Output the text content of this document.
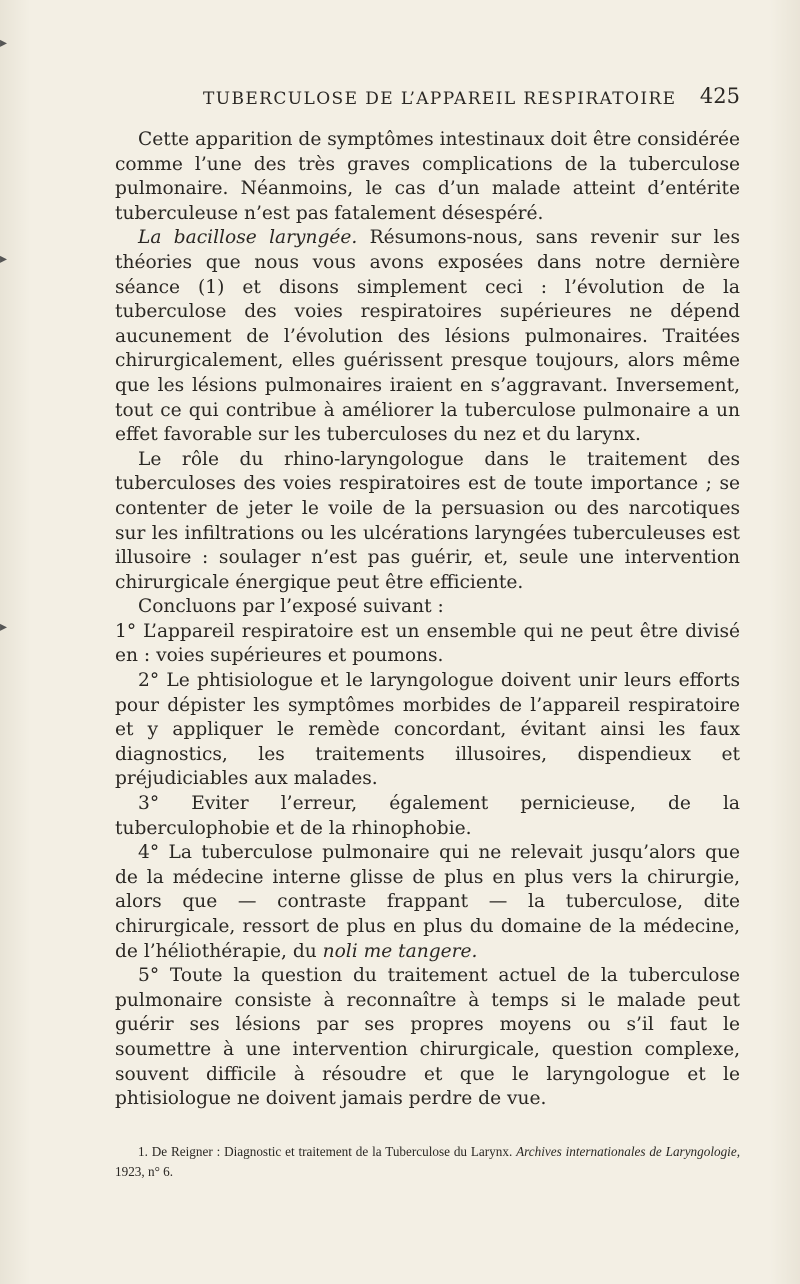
▸
▸
▸
TUBERCULOSE DE L’APPAREIL RESPIRATOIRE 425

Cette apparition de symptômes intestinaux doit être considérée comme l’une des très graves complications de la tuberculose pulmonaire. Néanmoins, le cas d’un malade atteint d’entérite tuberculeuse n’est pas fatalement désespéré.

La bacillose laryngée. Résumons-nous, sans revenir sur les théories que nous vous avons exposées dans notre dernière séance (1) et disons simplement ceci : l’évolution de la tuberculose des voies respiratoires supérieures ne dépend aucunement de l’évolution des lésions pulmonaires. Traitées chirurgicalement, elles guérissent presque toujours, alors même que les lésions pulmonaires iraient en s’aggravant. Inversement, tout ce qui contribue à améliorer la tuberculose pulmonaire a un effet favorable sur les tuberculoses du nez et du larynx.

Le rôle du rhino-laryngologue dans le traitement des tuberculoses des voies respiratoires est de toute importance ; se contenter de jeter le voile de la persuasion ou des narcotiques sur les infiltrations ou les ulcérations laryngées tuberculeuses est illusoire : soulager n’est pas guérir, et, seule une intervention chirurgicale énergique peut être efficiente.

Concluons par l’exposé suivant :

1° L’appareil respiratoire est un ensemble qui ne peut être divisé en : voies supérieures et poumons.

2° Le phtisiologue et le laryngologue doivent unir leurs efforts pour dépister les symptômes morbides de l’appareil respiratoire et y appliquer le remède concordant, évitant ainsi les faux diagnostics, les traitements illusoires, dispendieux et préjudiciables aux malades.

3° Eviter l’erreur, également pernicieuse, de la tuberculophobie et de la rhinophobie.

4° La tuberculose pulmonaire qui ne relevait jusqu’alors que de la médecine interne glisse de plus en plus vers la chirurgie, alors que — contraste frappant — la tuberculose, dite chirurgicale, ressort de plus en plus du domaine de la médecine, de l’héliothérapie, du noli me tangere.

5° Toute la question du traitement actuel de la tuberculose pulmonaire consiste à reconnaître à temps si le malade peut guérir ses lésions par ses propres moyens ou s’il faut le soumettre à une intervention chirurgicale, question complexe, souvent difficile à résoudre et que le laryngologue et le phtisiologue ne doivent jamais perdre de vue.

1. De Reigner : Diagnostic et traitement de la Tuberculose du Larynx. Archives internationales de Laryngologie, 1923, n° 6.
